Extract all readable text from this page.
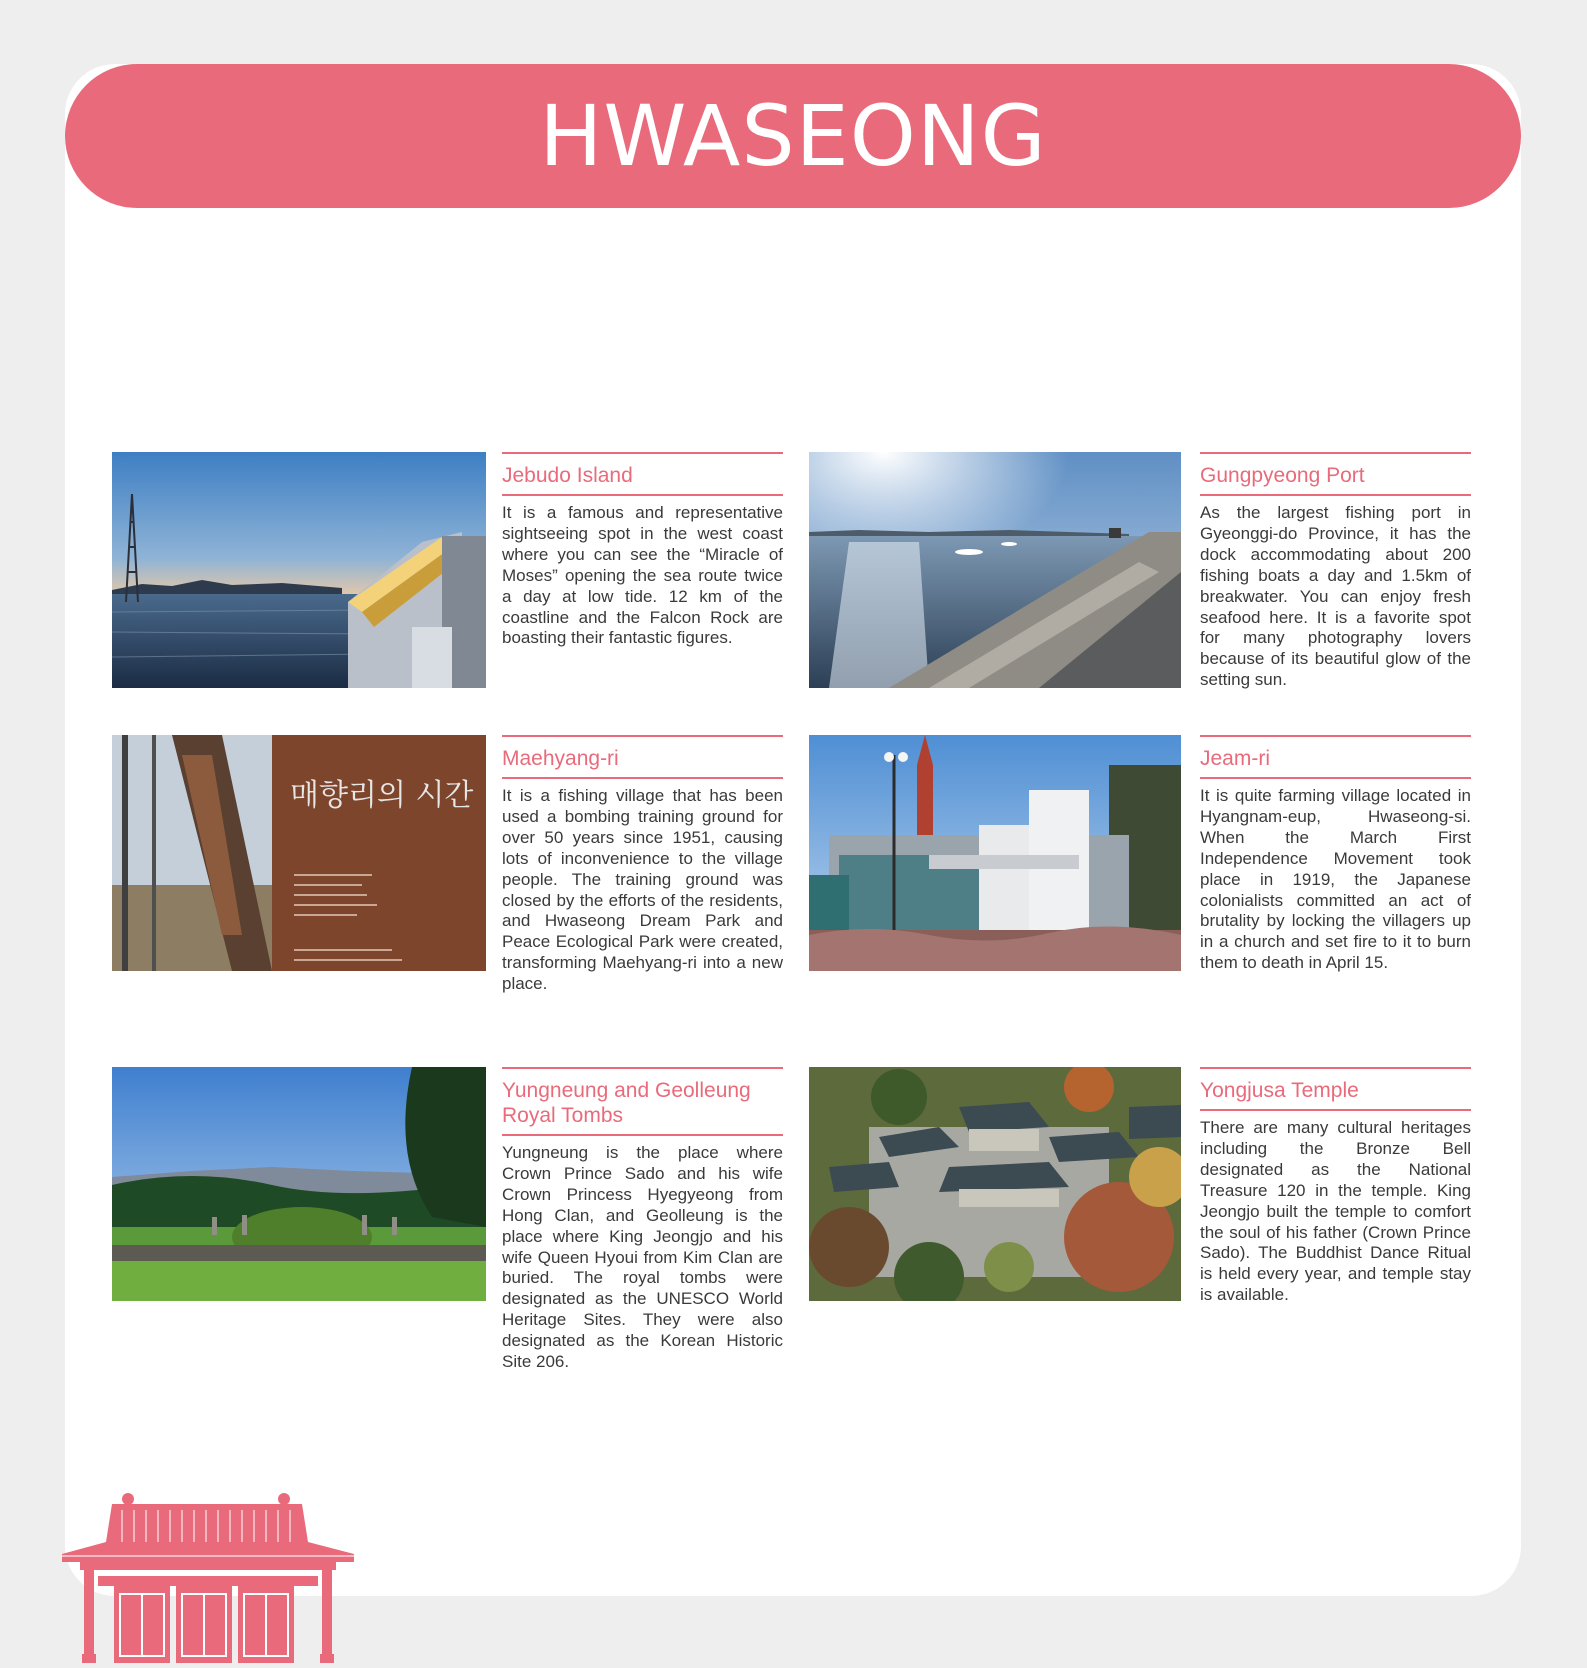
HWASEONG
Jebudo Island

It is a famous and representative sightseeing spot in the west coast where you can see the “Miracle of Moses” opening the sea route twice a day at low tide. 12 km of the coastline and the Falcon Rock are boasting their fantastic figures.

Gungpyeong Port

As the largest fishing port in Gyeonggi-do Province, it has the dock accommodating about 200 fishing boats a day and 1.5km of breakwater. You can enjoy fresh seafood here. It is a favorite spot for many photography lovers because of its beautiful glow of the setting sun.

매향리의 시간
Maehyang-ri

It is a fishing village that has been used a bombing training ground for over 50 years since 1951, causing lots of inconvenience to the village people. The training ground was closed by the efforts of the residents, and Hwaseong Dream Park and Peace Ecological Park were created, transforming Maehyang-ri into a new place.

Jeam-ri

It is quite farming village located in Hyangnam-eup, Hwaseong-si. When the March First Independence Movement took place in 1919, the Japanese colonialists committed an act of brutality by locking the villagers up in a church and set fire to it to burn them to death in April 15.

Yungneung and Geolleung Royal Tombs

Yungneung is the place where Crown Prince Sado and his wife Crown Princess Hyegyeong from Hong Clan, and Geolleung is the place where King Jeongjo and his wife Queen Hyoui from Kim Clan are buried. The royal tombs were designated as the UNESCO World Heritage Sites. They were also designated as the Korean Historic Site 206.

Yongjusa Temple

There are many cultural heritages including the Bronze Bell designated as the National Treasure 120 in the temple. King Jeongjo built the temple to comfort the soul of his father (Crown Prince Sado). The Buddhist Dance Ritual is held every year, and temple stay is available.
